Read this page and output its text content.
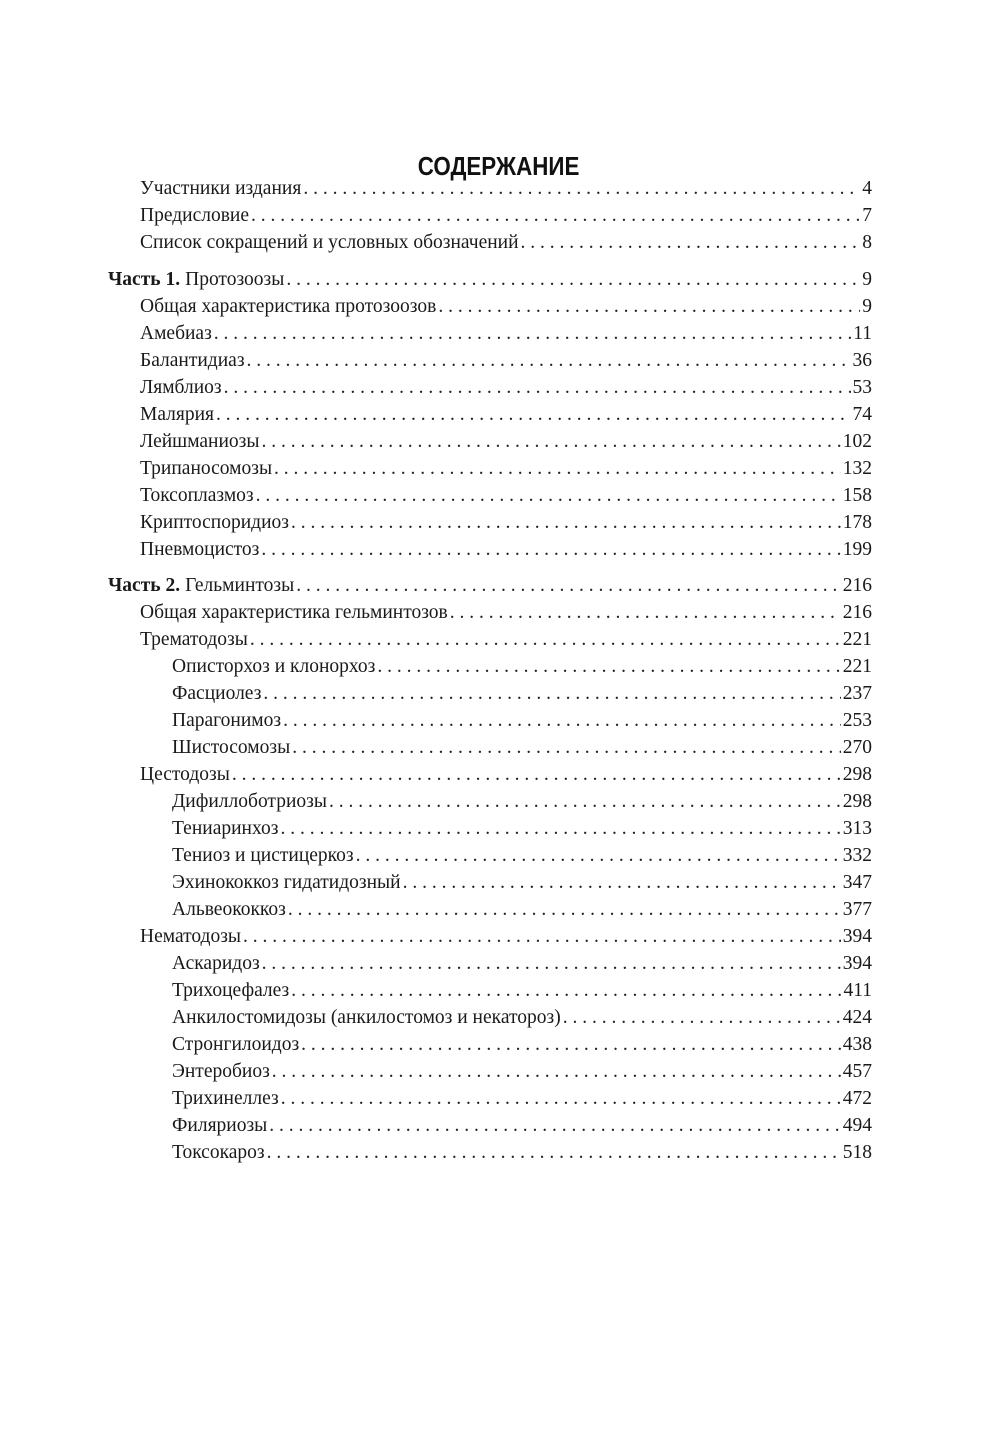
СОДЕРЖАНИЕ
Участники издания . . .	4
Предисловие . . .	7
Список сокращений и условных обозначений . . .	8
Часть 1. Протозоозы . . .	9
Общая характеристика протозоозов . . .	9
Амебиаз . . .	11
Балантидиаз . . .	36
Лямблиоз . . .	53
Малярия . . .	74
Лейшманиозы . . .	102
Трипаносомозы . . .	132
Токсоплазмоз . . .	158
Криптоспоридиоз . . .	178
Пневмоцистоз . . .	199
Часть 2. Гельминтозы . . .	216
Общая характеристика гельминтозов . . .	216
Трематодозы . . .	221
Описторхоз и клонорхоз . . .	221
Фасциолез . . .	237
Парагонимоз . . .	253
Шистосомозы . . .	270
Цестодозы . . .	298
Дифиллоботриозы . . .	298
Тениаринхоз . . .	313
Тениоз и цистицеркоз . . .	332
Эхинококкоз гидатидозный . . .	347
Альвеококкоз . . .	377
Нематодозы . . .	394
Аскаридоз . . .	394
Трихоцефалез . . .	411
Анкилостомидозы (анкилостомоз и некатороз) . . .	424
Стронгилоидоз . . .	438
Энтеробиоз . . .	457
Трихинеллез . . .	472
Филяриозы . . .	494
Токсокароз . . .	518
